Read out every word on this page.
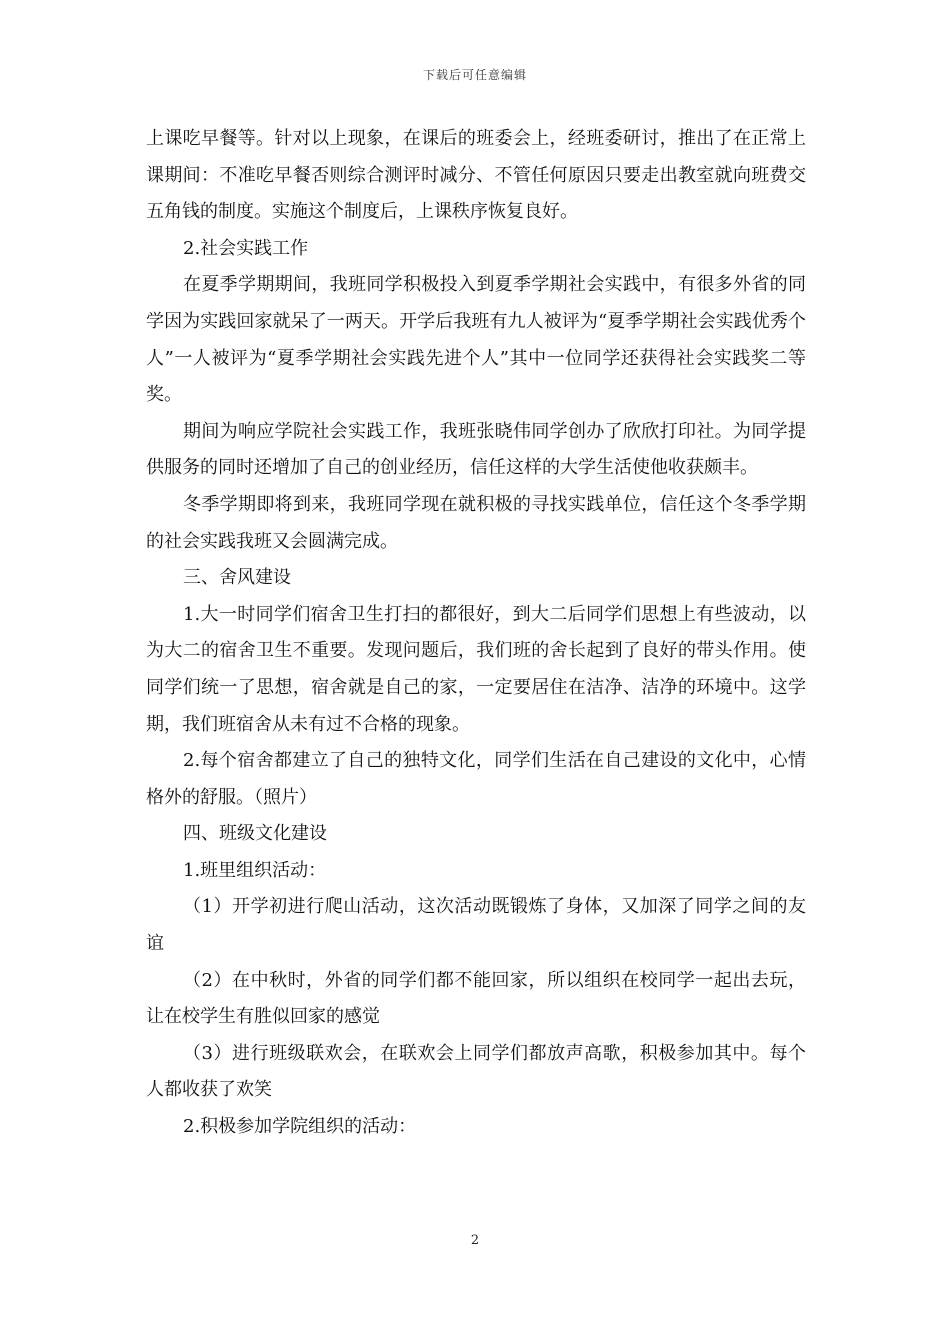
下载后可任意编辑

上课吃早餐等。针对以上现象，在课后的班委会上，经班委研讨，推出了在正常上课期间：不准吃早餐否则综合测评时减分、不管任何原因只要走出教室就向班费交五角钱的制度。实施这个制度后，上课秩序恢复良好。

2.社会实践工作

在夏季学期期间，我班同学积极投入到夏季学期社会实践中，有很多外省的同学因为实践回家就呆了一两天。开学后我班有九人被评为“夏季学期社会实践优秀个人”一人被评为“夏季学期社会实践先进个人”其中一位同学还获得社会实践奖二等奖。

期间为响应学院社会实践工作，我班张晓伟同学创办了欣欣打印社。为同学提供服务的同时还增加了自己的创业经历，信任这样的大学生活使他收获颇丰。

冬季学期即将到来，我班同学现在就积极的寻找实践单位，信任这个冬季学期的社会实践我班又会圆满完成。

三、舍风建设

1.大一时同学们宿舍卫生打扫的都很好，到大二后同学们思想上有些波动，以为大二的宿舍卫生不重要。发现问题后，我们班的舍长起到了良好的带头作用。使同学们统一了思想，宿舍就是自己的家，一定要居住在洁净、洁净的环境中。这学期，我们班宿舍从未有过不合格的现象。

2.每个宿舍都建立了自己的独特文化，同学们生活在自己建设的文化中，心情格外的舒服。（照片）

四、班级文化建设

1.班里组织活动：

（1）开学初进行爬山活动，这次活动既锻炼了身体，又加深了同学之间的友谊

（2）在中秋时，外省的同学们都不能回家，所以组织在校同学一起出去玩，让在校学生有胜似回家的感觉

（3）进行班级联欢会，在联欢会上同学们都放声高歌，积极参加其中。每个人都收获了欢笑

2.积极参加学院组织的活动：

2
